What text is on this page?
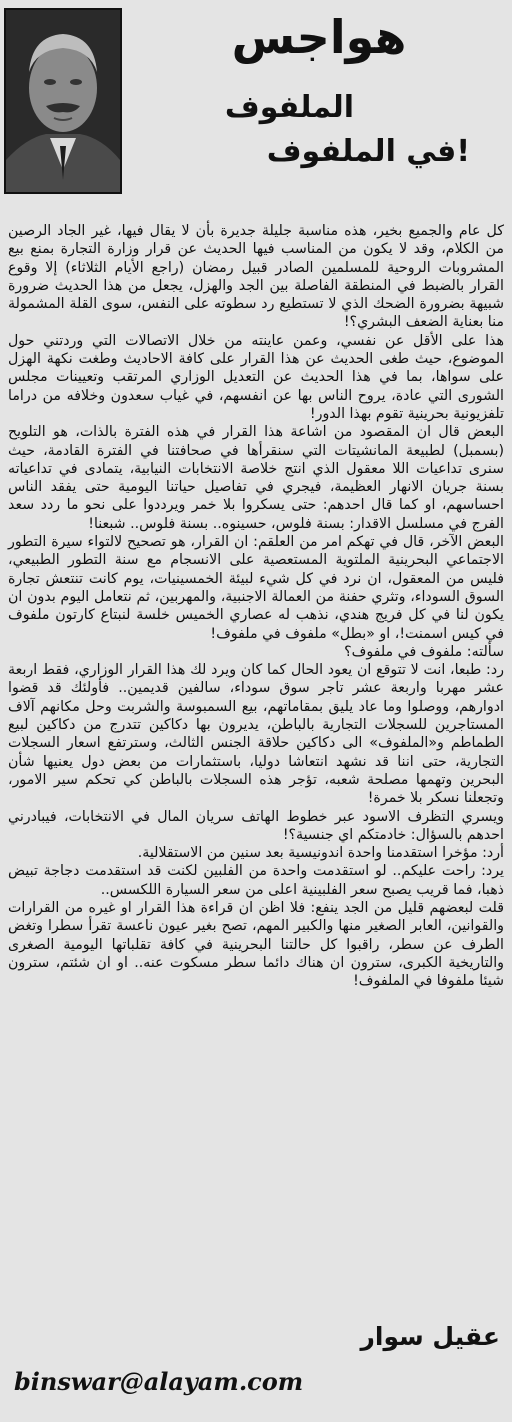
هواجس
الملفوف
في الملفوف!

كل عام والجميع بخير، هذه مناسبة جليلة جديرة بأن لا يقال فيها، غير الجاد الرصين من الكلام، وقد لا يكون من المناسب فيها الحديث عن قرار وزارة التجارة بمنع بيع المشروبات الروحية للمسلمين الصادر قبيل رمضان (راجع الأيام الثلاثاء) إلا وقوع القرار بالضبط في المنطقة الفاصلة بين الجد والهزل، يجعل من هذا الحديث ضرورة شبيهة بضرورة الضحك الذي لا تستطيع رد سطوته على النفس، سوى القلة المشمولة منا بعناية الضعف البشري؟!

هذا على الأقل عن نفسي، وعمن عاينته من خلال الاتصالات التي وردتني حول الموضوع، حيث طغى الحديث عن هذا القرار على كافة الاحاديث وطغت نكهة الهزل على سواها، بما في هذا الحديث عن التعديل الوزاري المرتقب وتعيينات مجلس الشورى التي عادة، يروح الناس بها عن انفسهم، في غياب سعدون وخلافه من دراما تلفزيونية بحرينية تقوم بهذا الدور!

البعض قال ان المقصود من اشاعة هذا القرار في هذه الفترة بالذات، هو التلويح (بسمبل) لطبيعة المانشيتات التي سنقرأها في صحافتنا في الفترة القادمة، حيث سنرى تداعيات اللا معقول الذي انتج خلاصة الانتخابات النيابية، يتمادى في تداعياته بسنة جريان الانهار العظيمة، فيجري في تفاصيل حياتنا اليومية حتى يفقد الناس احساسهم، او كما قال احدهم: حتى يسكروا بلا خمر ويرددوا على نحو ما ردد سعد الفرج في مسلسل الاقدار: بسنة فلوس، حسينوه.. بسنة فلوس.. شبعنا!

البعض الآخر، قال في تهكم امر من العلقم: ان القرار، هو تصحيح لالتواء سيرة التطور الاجتماعي البحرينية الملتوية المستعصية على الانسجام مع سنة التطور الطبيعي، فليس من المعقول، ان نرد في كل شيء لبيئة الخمسينيات، يوم كانت تنتعش تجارة السوق السوداء، وتثري حفنة من العمالة الاجنبية، والمهربين، ثم نتعامل اليوم بدون ان يكون لنا في كل فريج هندي، نذهب له عصاري الخميس خلسة لنبتاع كارتون ملفوف في كيس اسمنت!، او «بطل» ملفوف في ملفوف!

سألته: ملفوف في ملفوف؟

رد: طبعا، انت لا تتوقع ان يعود الحال كما كان ويرد لك هذا القرار الوزاري، فقط اربعة عشر مهربا واربعة عشر تاجر سوق سوداء، سالفين قديمين.. فأولئك قد قضوا ادوارهم، ووصلوا وما عاد يليق بمقاماتهم، بيع السمبوسة والشربت وحل مكانهم آلاف المستاجرين للسجلات التجارية بالباطن، يديرون بها دكاكين تتدرج من دكاكين لبيع الطماطم و«الملفوف» الى دكاكين حلاقة الجنس الثالث، وسترتفع اسعار السجلات التجارية، حتى اننا قد نشهد انتعاشا دوليا، باستثمارات من بعض دول يعنيها شأن البحرين وتهمها مصلحة شعبه، تؤجر هذه السجلات بالباطن كي تحكم سير الامور، وتجعلنا نسكر بلا خمرة!

ويسري التظرف الاسود عبر خطوط الهاتف سريان المال في الانتخابات، فيبادرني احدهم بالسؤال: خادمتكم اي جنسية؟!

أرد: مؤخرا استقدمنا واحدة اندونيسية بعد سنين من الاستقلالية.

يرد: راحت عليكم.. لو استقدمت واحدة من الفلبين لكنت قد استقدمت دجاجة تبيض ذهبا، فما قريب يصبح سعر الفلبينية اعلى من سعر السيارة اللكسس..

قلت لبعضهم قليل من الجد ينفع: فلا اظن ان قراءة هذا القرار او غيره من القرارات والقوانين، العابر الصغير منها والكبير المهم، تصح بغير عيون ناعسة تقرأ سطرا وتغض الطرف عن سطر، راقبوا كل حالتنا البحرينية في كافة تقلباتها اليومية الصغرى والتاريخية الكبرى، سترون ان هناك دائما سطر مسكوت عنه.. او ان شئتم، سترون شيئا ملفوفا في الملفوف!

عقيل سوار
binswar@alayam.com
